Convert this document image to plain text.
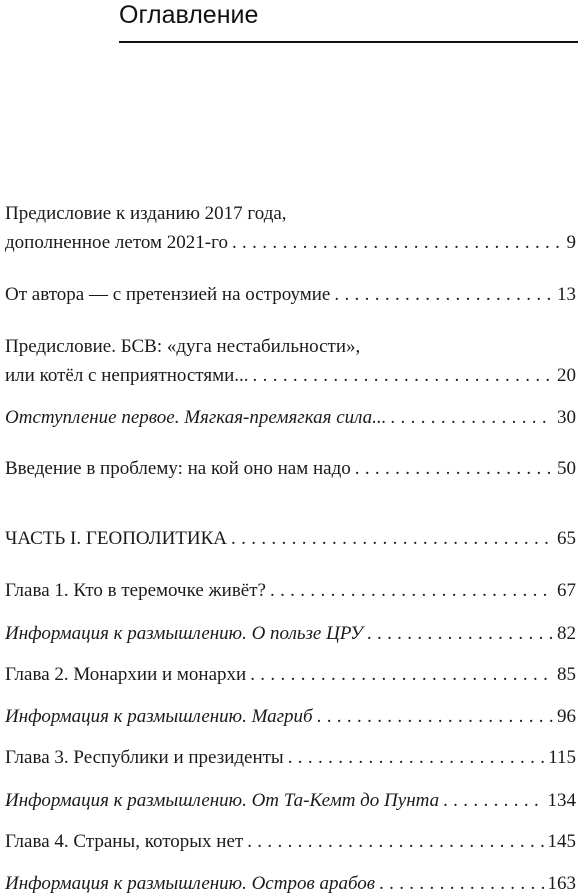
Оглавление
Предисловие к изданию 2017 года,
дополненное летом 2021-го . . .	9
От автора — с претензией на остроумие . . .	13
Предисловие. БСВ: «дуга нестабильности»,
или котёл с неприятностями... . . .	20
Отступление первое. Мягкая-премягкая сила... . . .	30
Введение в проблему: на кой оно нам надо . . .	50
ЧАСТЬ I. ГЕОПОЛИТИКА . . .	65
Глава 1. Кто в теремочке живёт? . . .	67
Информация к размышлению. О пользе ЦРУ . . .	82
Глава 2. Монархии и монархи . . .	85
Информация к размышлению. Магриб . . .	96
Глава 3. Республики и президенты . . .	115
Информация к размышлению. От Та-Кемт до Пунта . . .	134
Глава 4. Страны, которых нет . . .	145
Информация к размышлению. Остров арабов . . .	163
